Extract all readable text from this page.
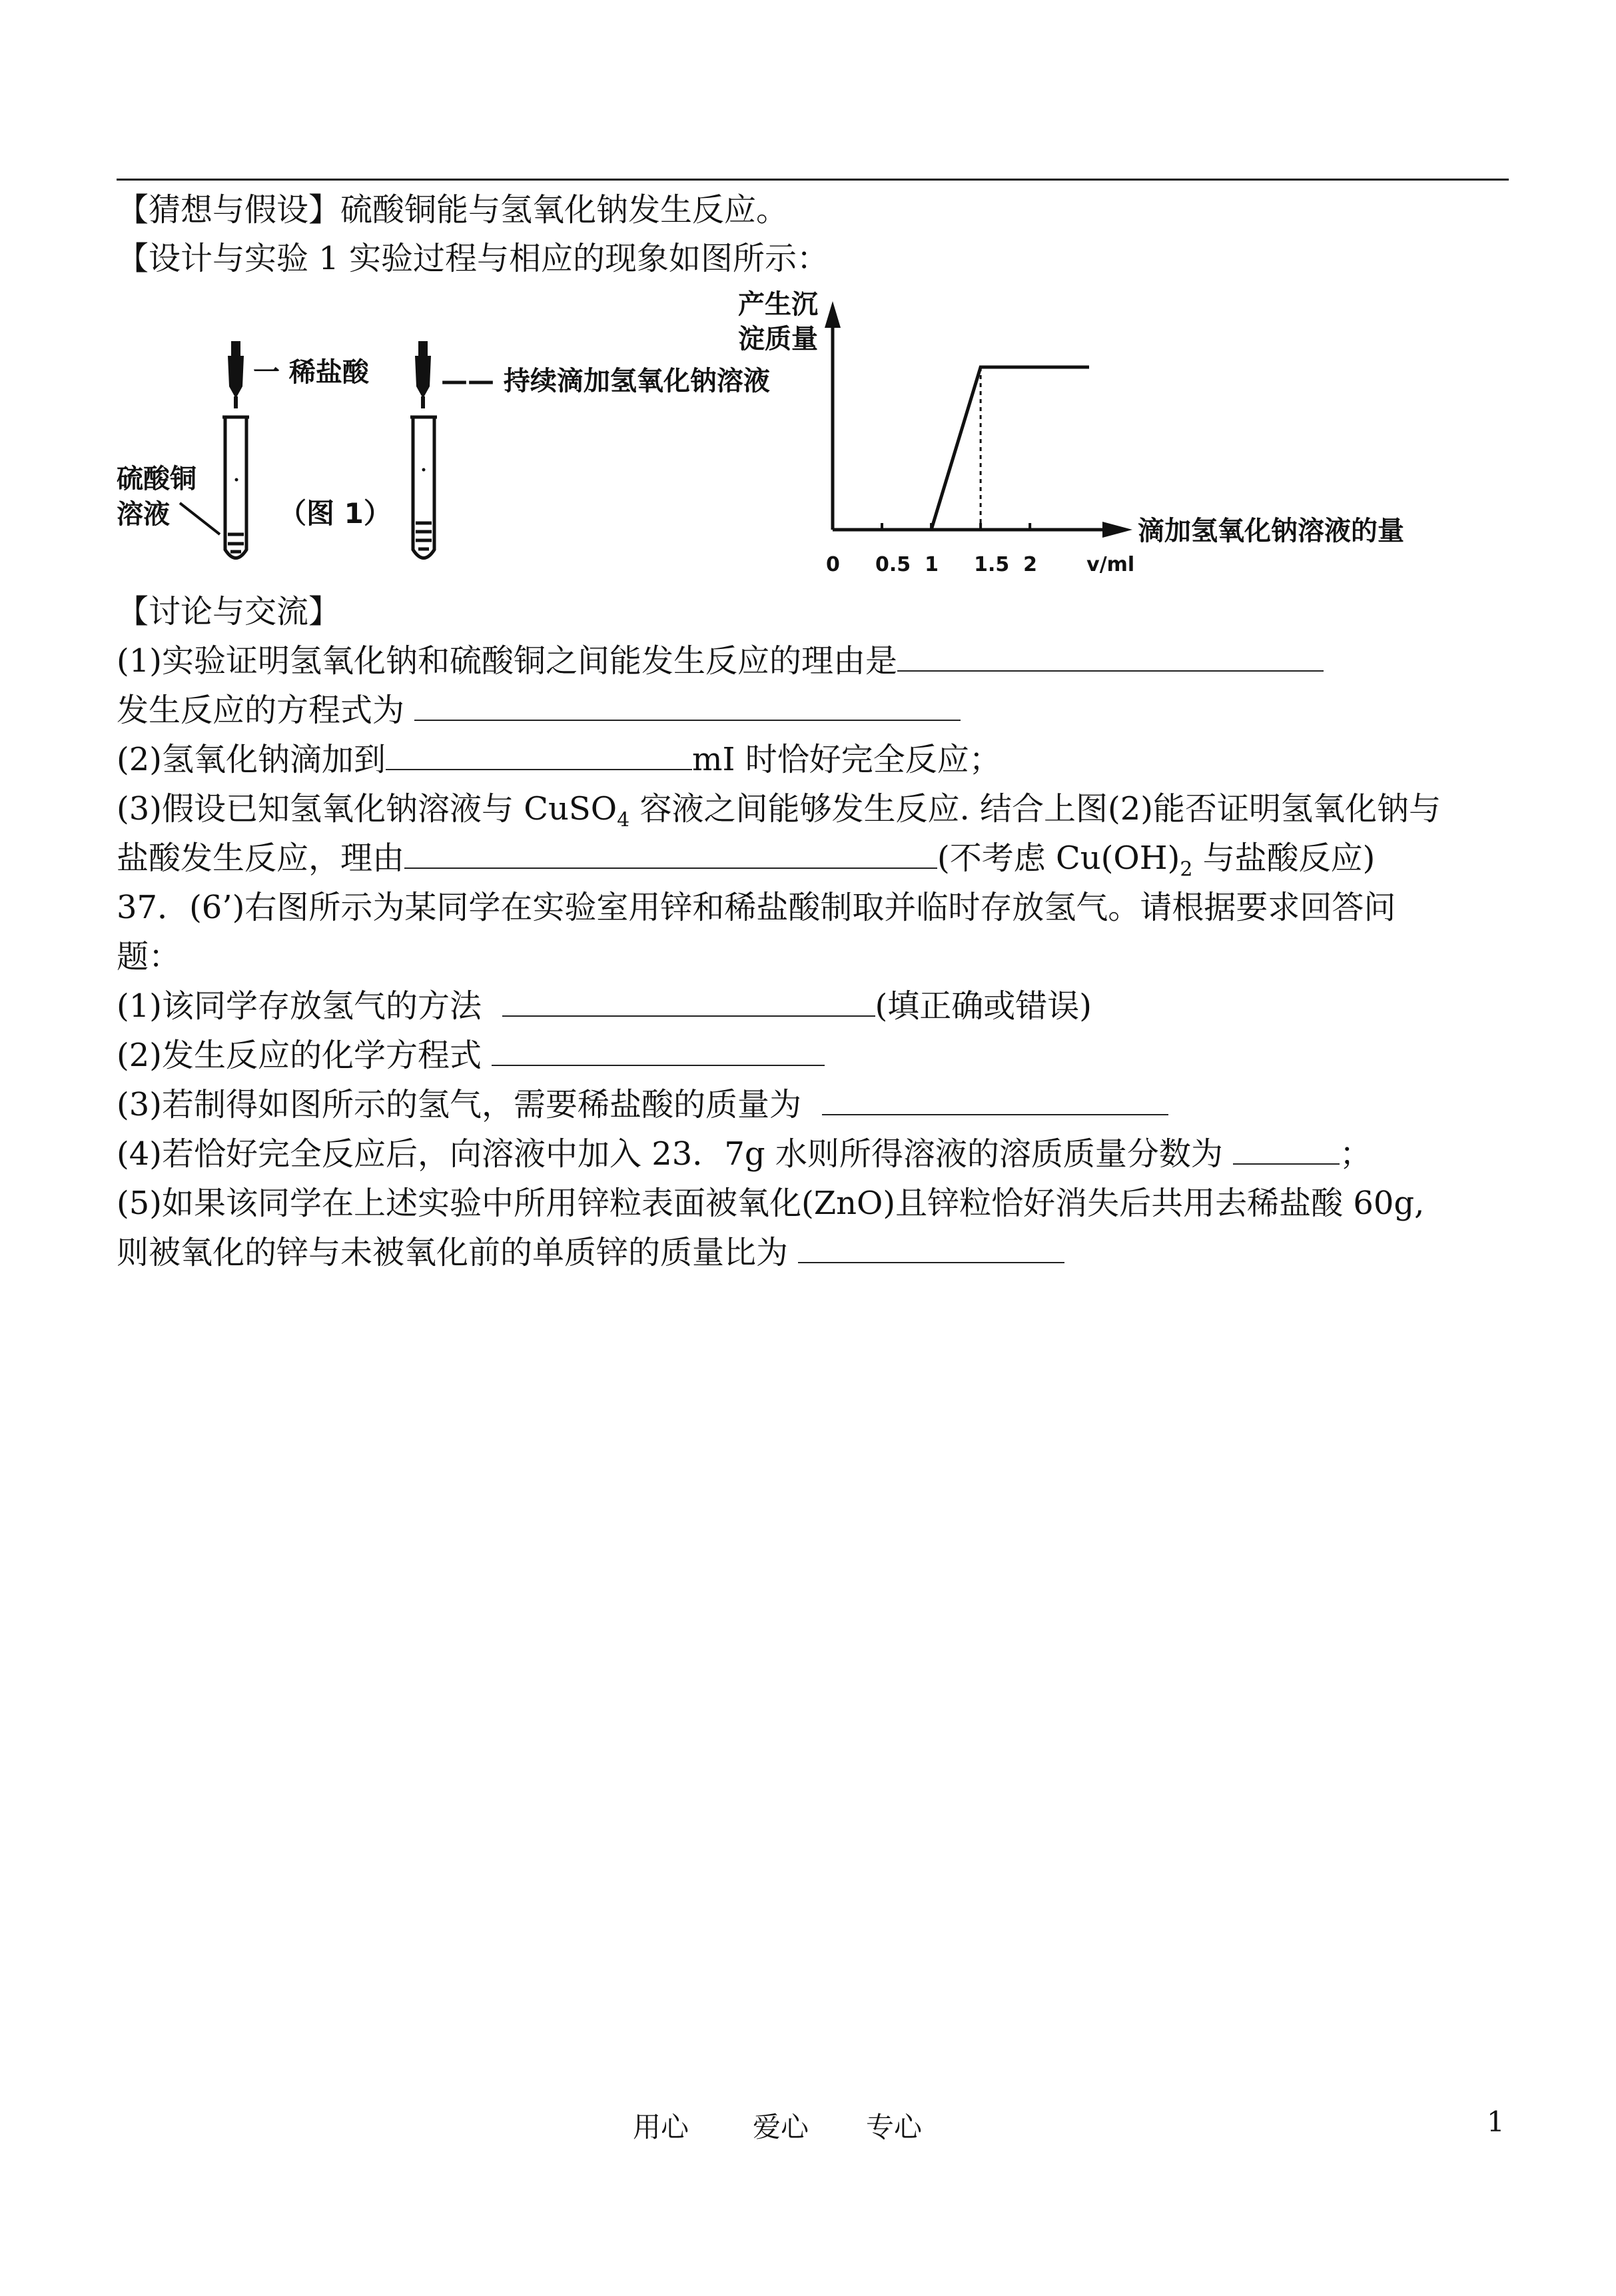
【猜想与假设】硫酸铜能与氢氧化钠发生反应。
【设计与实验 1 实验过程与相应的现象如图所示：
一 稀盐酸	—— 持续滴加氢氧化钠溶液
硫酸铜
溶液	（图 1）
产生沉
淀质量
滴加氢氧化钠溶液的量
0 0.5 1 1.5 2 v/ml
【讨论与交流】
(1)实验证明氢氧化钠和硫酸铜之间能发生反应的理由是
发生反应的方程式为
(2)氢氧化钠滴加到	mI 时恰好完全反应；
(3)假设已知氢氧化钠溶液与 CuSO$_4$ 容液之间能够发生反应. 结合上图(2)能否证明氢氧化钠与
盐酸发生反应，理由	(不考虑 $Cu(OH)_2$ 与盐酸反应)
37．(6’)右图所示为某同学在实验室用锌和稀盐酸制取并临时存放氢气。请根据要求回答问
题：
(1)该同学存放氢气的方法	(填正确或错误)
(2)发生反应的化学方程式
(3)若制得如图所示的氢气，需要稀盐酸的质量为
(4)若恰好完全反应后，向溶液中加入 23．7g 水则所得溶液的溶质质量分数为	；
(5)如果该同学在上述实验中所用锌粒表面被氧化(ZnO)且锌粒恰好消失后共用去稀盐酸 60g,
则被氧化的锌与未被氧化前的单质锌的质量比为
用心 爱心 专心	1
